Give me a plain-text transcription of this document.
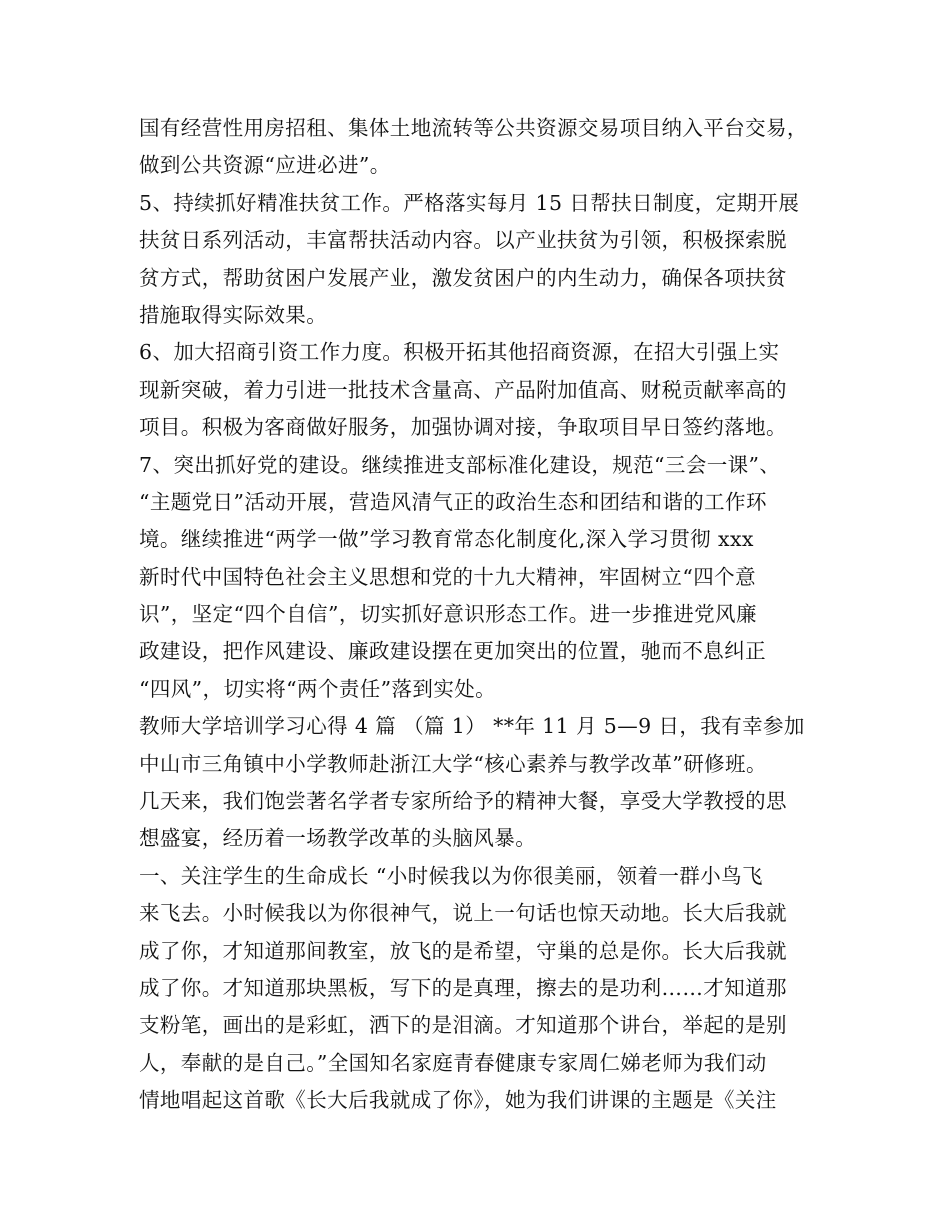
国有经营性用房招租、集体土地流转等公共资源交易项目纳入平台交易，
做到公共资源“应进必进”。
5、持续抓好精准扶贫工作。严格落实每月 15 日帮扶日制度，定期开展
扶贫日系列活动，丰富帮扶活动内容。以产业扶贫为引领，积极探索脱
贫方式，帮助贫困户发展产业，激发贫困户的内生动力，确保各项扶贫
措施取得实际效果。
6、加大招商引资工作力度。积极开拓其他招商资源，在招大引强上实
现新突破，着力引进一批技术含量高、产品附加值高、财税贡献率高的
项目。积极为客商做好服务，加强协调对接，争取项目早日签约落地。
7、突出抓好党的建设。继续推进支部标准化建设，规范“三会一课”、
“主题党日”活动开展，营造风清气正的政治生态和团结和谐的工作环
境。继续推进“两学一做”学习教育常态化制度化,深入学习贯彻 xxx
新时代中国特色社会主义思想和党的十九大精神，牢固树立“四个意
识”，坚定“四个自信”，切实抓好意识形态工作。进一步推进党风廉
政建设，把作风建设、廉政建设摆在更加突出的位置，驰而不息纠正
“四风”，切实将“两个责任”落到实处。
教师大学培训学习心得 4 篇 （篇 1） **年 11 月 5—9 日，我有幸参加
中山市三角镇中小学教师赴浙江大学“核心素养与教学改革”研修班。
几天来，我们饱尝著名学者专家所给予的精神大餐，享受大学教授的思
想盛宴，经历着一场教学改革的头脑风暴。
一、关注学生的生命成长 “小时候我以为你很美丽，领着一群小鸟飞
来飞去。小时候我以为你很神气，说上一句话也惊天动地。长大后我就
成了你，才知道那间教室，放飞的是希望，守巢的总是你。长大后我就
成了你。才知道那块黑板，写下的是真理，擦去的是功利……才知道那
支粉笔，画出的是彩虹，洒下的是泪滴。才知道那个讲台，举起的是别
人，奉献的是自己。”全国知名家庭青春健康专家周仁娣老师为我们动
情地唱起这首歌《长大后我就成了你》，她为我们讲课的主题是《关注
